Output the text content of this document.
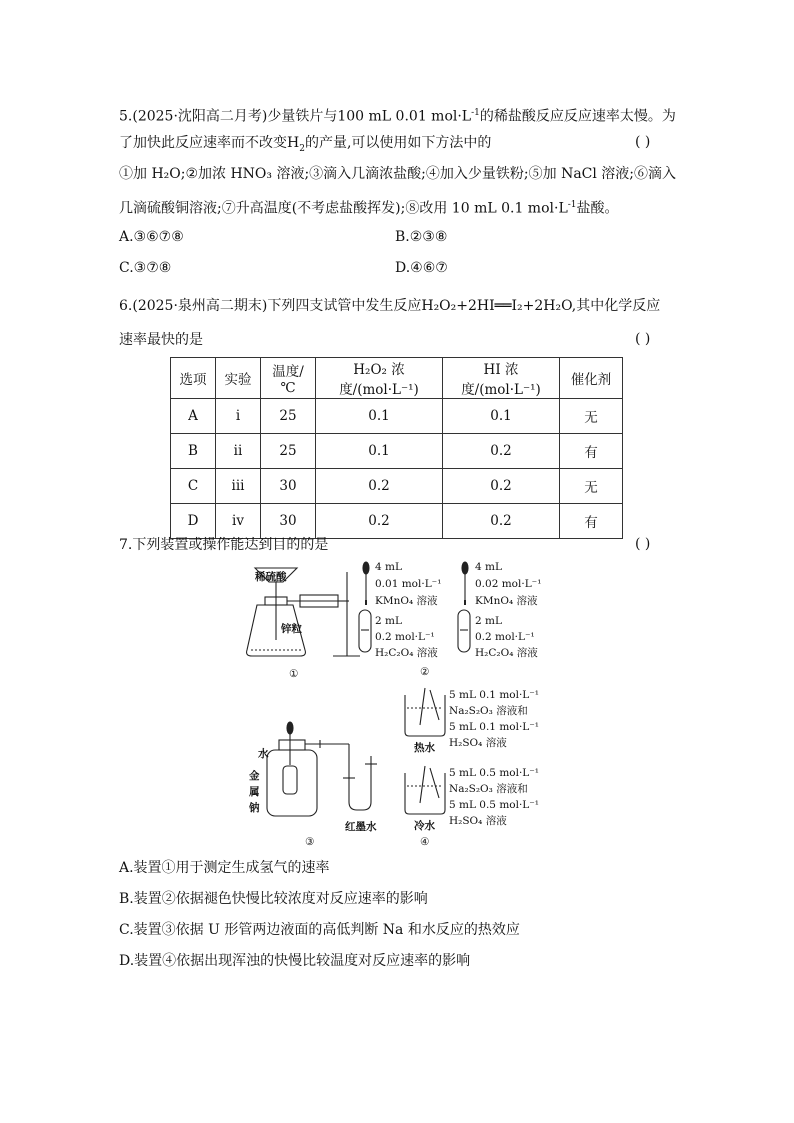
5.(2025·沈阳高二月考)少量铁片与100 mL 0.01 $mol\cdot L^{-1}$的稀盐酸反应反应速率太慢。为
了加快此反应速率而不改变$H_2$的产量,可以使用如下方法中的	( )
①加 H₂O;②加浓 HNO₃ 溶液;③滴入几滴浓盐酸;④加入少量铁粉;⑤加 NaCl 溶液;⑥滴入
几滴硫酸铜溶液;⑦升高温度(不考虑盐酸挥发);⑧改用 10 mL 0.1 $mol\cdot L^{-1}$盐酸。
A.③⑥⑦⑧	B.②③⑧
C.③⑦⑧	D.④⑥⑦
6.(2025·泉州高二期末)下列四支试管中发生反应H₂O₂+2HI══I₂+2H₂O,其中化学反应
速率最快的是	( )
选项	实验	温度/℃	H₂O₂ 浓度/(mol·L⁻¹)	HI 浓度/(mol·L⁻¹)	催化剂
A	i	25	0.1	0.1	无
B	ii	25	0.1	0.2	有
C	iii	30	0.2	0.2	无
D	iv	30	0.2	0.2	有
7.下列装置或操作能达到目的的是	( )
稀硫酸
锌粒
①
4 mL
0.01 mol·L⁻¹
KMnO₄ 溶液
4 mL
0.02 mol·L⁻¹
KMnO₄ 溶液
2 mL
0.2 mol·L⁻¹
H₂C₂O₄ 溶液
2 mL
0.2 mol·L⁻¹
H₂C₂O₄ 溶液
②
水
金
属
钠
红墨水
③
5 mL 0.1 mol·L⁻¹
Na₂S₂O₃ 溶液和
5 mL 0.1 mol·L⁻¹
H₂SO₄ 溶液
热水
5 mL 0.5 mol·L⁻¹
Na₂S₂O₃ 溶液和
5 mL 0.5 mol·L⁻¹
H₂SO₄ 溶液
冷水
④
A.装置①用于测定生成氢气的速率
B.装置②依据褪色快慢比较浓度对反应速率的影响
C.装置③依据 U 形管两边液面的高低判断 Na 和水反应的热效应
D.装置④依据出现浑浊的快慢比较温度对反应速率的影响
